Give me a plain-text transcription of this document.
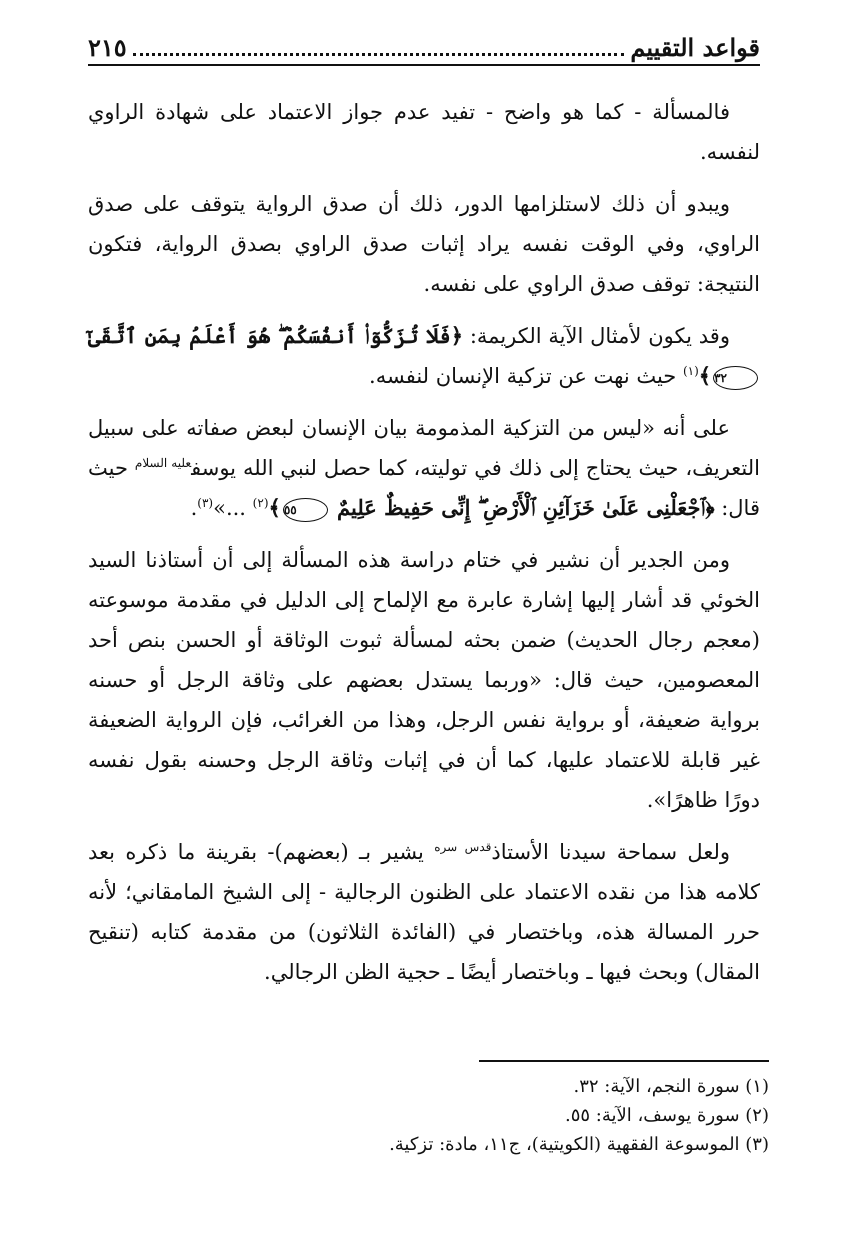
قواعد التقييم
٢١٥

فالمسألة - كما هو واضح - تفيد عدم جواز الاعتماد على شهادة الراوي لنفسه.

ويبدو أن ذلك لاستلزامها الدور، ذلك أن صدق الرواية يتوقف على صدق الراوي، وفي الوقت نفسه يراد إثبات صدق الراوي بصدق الرواية، فتكون النتيجة: توقف صدق الراوي على نفسه.

وقد يكون لأمثال الآية الكريمة: ﴿فَلَا تُزَكُّوٓا۟ أَنفُسَكُمْ ۖ هُوَ أَعْلَمُ بِمَنِ ٱتَّقَىٰٓ ٣٢﴾$^{(١)}$ حيث نهت عن تزكية الإنسان لنفسه.

على أنه «ليس من التزكية المذمومة بيان الإنسان لبعض صفاته على سبيل التعريف، حيث يحتاج إلى ذلك في توليته، كما حصل لنبي الله يوسف$^{عليه السلام}$ حيث قال: ﴿ٱجْعَلْنِى عَلَىٰ خَزَآئِنِ ٱلْأَرْضِ ۖ إِنِّى حَفِيظٌ عَلِيمٌ ٥٥﴾$^{(٢)}$ ...»$^{(٣)}$.

ومن الجدير أن نشير في ختام دراسة هذه المسألة إلى أن أستاذنا السيد الخوئي قد أشار إليها إشارة عابرة مع الإلماح إلى الدليل في مقدمة موسوعته (معجم رجال الحديث) ضمن بحثه لمسألة ثبوت الوثاقة أو الحسن بنص أحد المعصومين، حيث قال: «وربما يستدل بعضهم على وثاقة الرجل أو حسنه برواية ضعيفة، أو برواية نفس الرجل، وهذا من الغرائب، فإن الرواية الضعيفة غير قابلة للاعتماد عليها، كما أن في إثبات وثاقة الرجل وحسنه بقول نفسه دورًا ظاهرًا».

ولعل سماحة سيدنا الأستاذ$^{قدس سره}$ يشير بـ (بعضهم)- بقرينة ما ذكره بعد كلامه هذا من نقده الاعتماد على الظنون الرجالية - إلى الشيخ المامقاني؛ لأنه حرر المسالة هذه، وباختصار في (الفائدة الثلاثون) من مقدمة كتابه (تنقيح المقال) وبحث فيها ـ وباختصار أيضًا ـ حجية الظن الرجالي.

(١) سورة النجم، الآية: ٣٢.

(٢) سورة يوسف، الآية: ٥٥.

(٣) الموسوعة الفقهية (الكويتية)، ج١١، مادة: تزكية.
